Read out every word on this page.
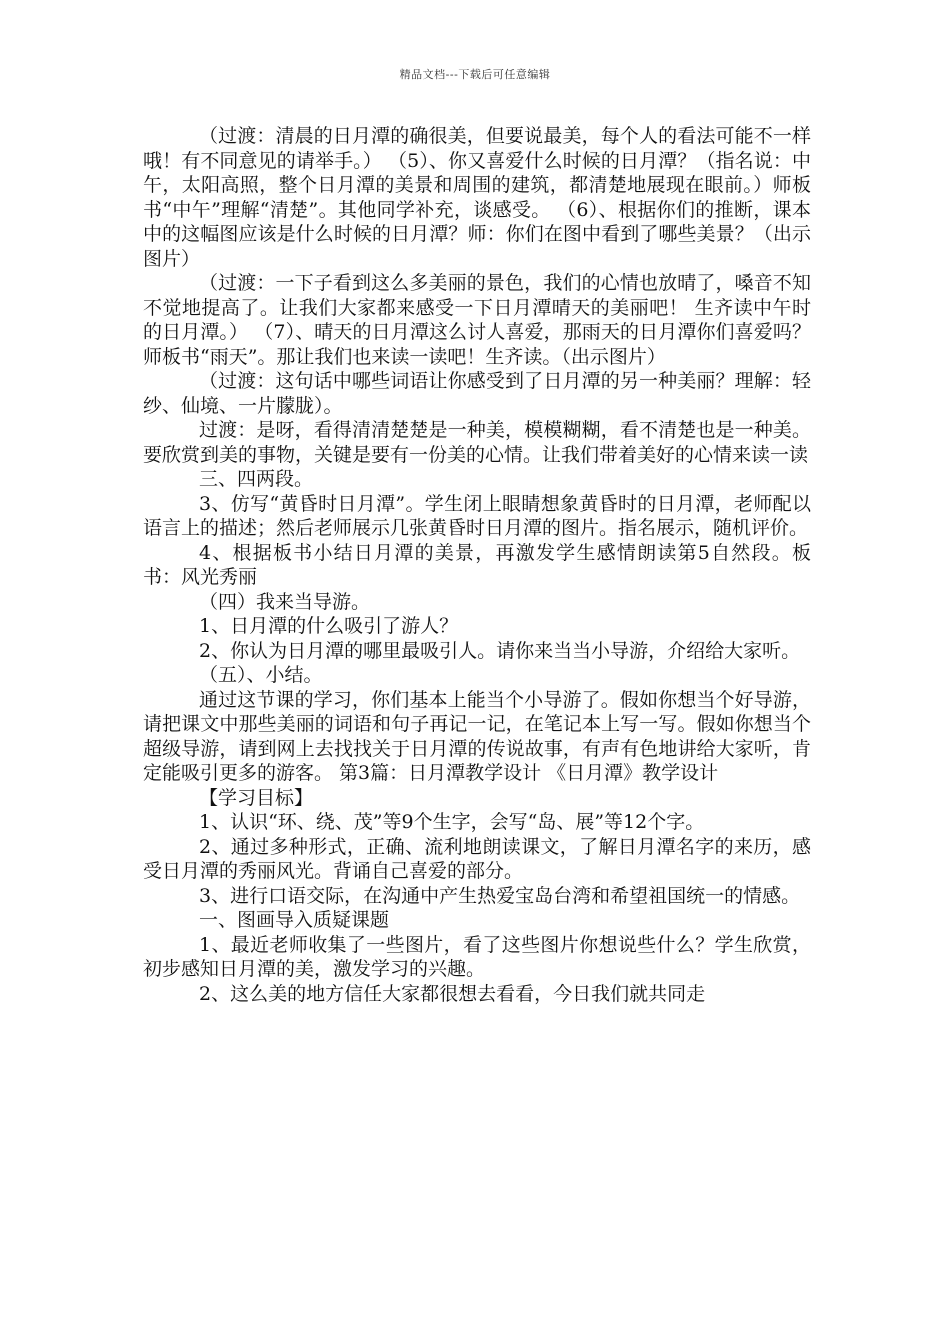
精品文档---下载后可任意编辑

（过渡：清晨的日月潭的确很美，但要说最美，每个人的看法可能不一样哦！有不同意见的请举手。） （5）、你又喜爱什么时候的日月潭？（指名说：中午，太阳高照，整个日月潭的美景和周围的建筑，都清楚地展现在眼前。）师板书“中午”理解“清楚”。其他同学补充，谈感受。 （6）、根据你们的推断，课本中的这幅图应该是什么时候的日月潭？师：你们在图中看到了哪些美景？（出示图片）

（过渡：一下子看到这么多美丽的景色，我们的心情也放晴了，嗓音不知不觉地提高了。让我们大家都来感受一下日月潭晴天的美丽吧！ 生齐读中午时的日月潭。） （7）、晴天的日月潭这么讨人喜爱，那雨天的日月潭你们喜爱吗？ 师板书“雨天”。那让我们也来读一读吧！生齐读。（出示图片）

（过渡：这句话中哪些词语让你感受到了日月潭的另一种美丽？理解：轻纱、仙境、一片朦胧）。

过渡：是呀，看得清清楚楚是一种美，模模糊糊，看不清楚也是一种美。要欣赏到美的事物，关键是要有一份美的心情。让我们带着美好的心情来读一读

三、四两段。

3、仿写“黄昏时日月潭”。学生闭上眼睛想象黄昏时的日月潭，老师配以语言上的描述；然后老师展示几张黄昏时日月潭的图片。指名展示，随机评价。

4、根据板书小结日月潭的美景，再激发学生感情朗读第5自然段。板书：风光秀丽

（四）我来当导游。

1、日月潭的什么吸引了游人？

2、你认为日月潭的哪里最吸引人。请你来当当小导游，介绍给大家听。

（五）、小结。

通过这节课的学习，你们基本上能当个小导游了。假如你想当个好导游，请把课文中那些美丽的词语和句子再记一记，在笔记本上写一写。假如你想当个超级导游，请到网上去找找关于日月潭的传说故事，有声有色地讲给大家听，肯定能吸引更多的游客。 第3篇：日月潭教学设计 《日月潭》教学设计

【学习目标】

1、认识“环、绕、茂”等9个生字，会写“岛、展”等12个字。

2、通过多种形式，正确、流利地朗读课文，了解日月潭名字的来历，感受日月潭的秀丽风光。背诵自己喜爱的部分。

3、进行口语交际，在沟通中产生热爱宝岛台湾和希望祖国统一的情感。

一、图画导入质疑课题

1、最近老师收集了一些图片，看了这些图片你想说些什么？学生欣赏，初步感知日月潭的美，激发学习的兴趣。

2、这么美的地方信任大家都很想去看看，今日我们就共同走
